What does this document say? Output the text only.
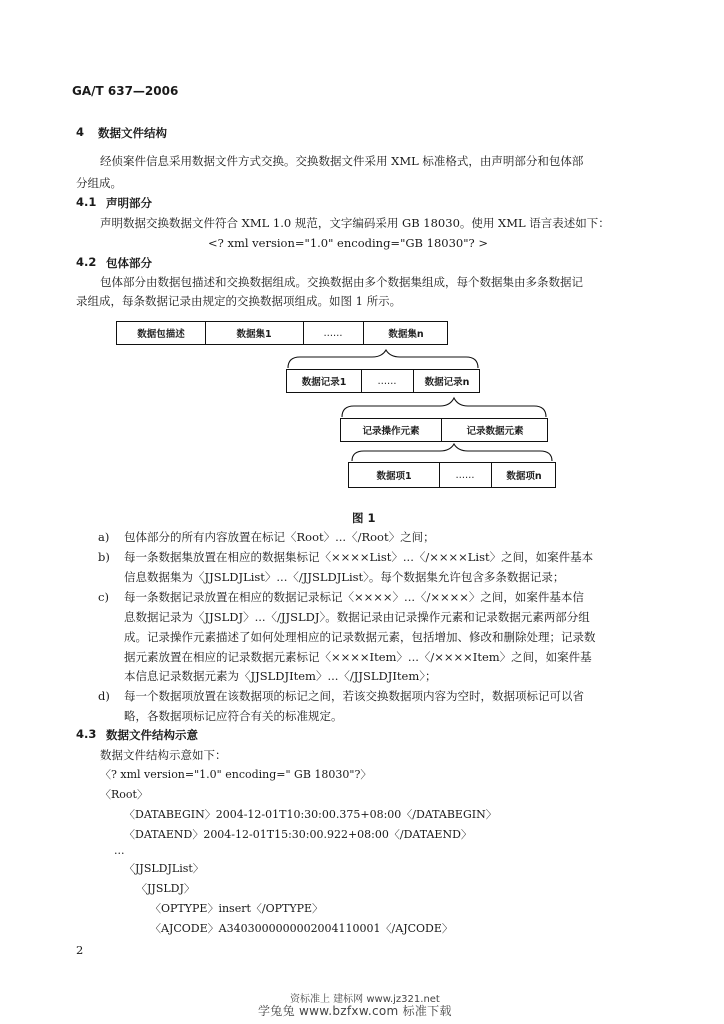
GA/T 637—2006
4 数据文件结构
经侦案件信息采用数据文件方式交换。交换数据文件采用 XML 标准格式，由声明部分和包体部
分组成。
4.1 声明部分
声明数据交换数据文件符合 XML 1.0 规范，文字编码采用 GB 18030。使用 XML 语言表述如下：
<? xml version="1.0" encoding="GB 18030"? >
4.2 包体部分
包体部分由数据包描述和交换数据组成。交换数据由多个数据集组成，每个数据集由多条数据记
录组成，每条数据记录由规定的交换数据项组成。如图 1 所示。
数据包描述	数据集1	……	数据集n
数据记录1	……	数据记录n
记录操作元素	记录数据元素
数据项1	……	数据项n
图 1
a) 包体部分的所有内容放置在标记〈Root〉...〈/Root〉之间；
b) 每一条数据集放置在相应的数据集标记〈××××List〉...〈/××××List〉之间，如案件基本
信息数据集为〈JJSLDJList〉...〈/JJSLDJList〉。每个数据集允许包含多条数据记录；
c) 每一条数据记录放置在相应的数据记录标记〈××××〉...〈/××××〉之间，如案件基本信
息数据记录为〈JJSLDJ〉...〈/JJSLDJ〉。数据记录由记录操作元素和记录数据元素两部分组
成。记录操作元素描述了如何处理相应的记录数据元素，包括增加、修改和删除处理；记录数
据元素放置在相应的记录数据元素标记〈××××Item〉...〈/××××Item〉之间，如案件基
本信息记录数据元素为〈JJSLDJItem〉...〈/JJSLDJItem〉；
d) 每一个数据项放置在该数据项的标记之间，若该交换数据项内容为空时，数据项标记可以省
略，各数据项标记应符合有关的标准规定。
4.3 数据文件结构示意
数据文件结构示意如下：
〈? xml version="1.0" encoding=" GB 18030"?〉
〈Root〉
〈DATABEGIN〉2004-12-01T10:30:00.375+08:00〈/DATABEGIN〉
〈DATAEND〉2004-12-01T15:30:00.922+08:00〈/DATAEND〉
...
〈JJSLDJList〉
〈JJSLDJ〉
〈OPTYPE〉insert〈/OPTYPE〉
〈AJCODE〉A3403000000002004110001〈/AJCODE〉
2
资标准上 建标网 www.jz321.net
学兔兔 www.bzfxw.com 标准下载
